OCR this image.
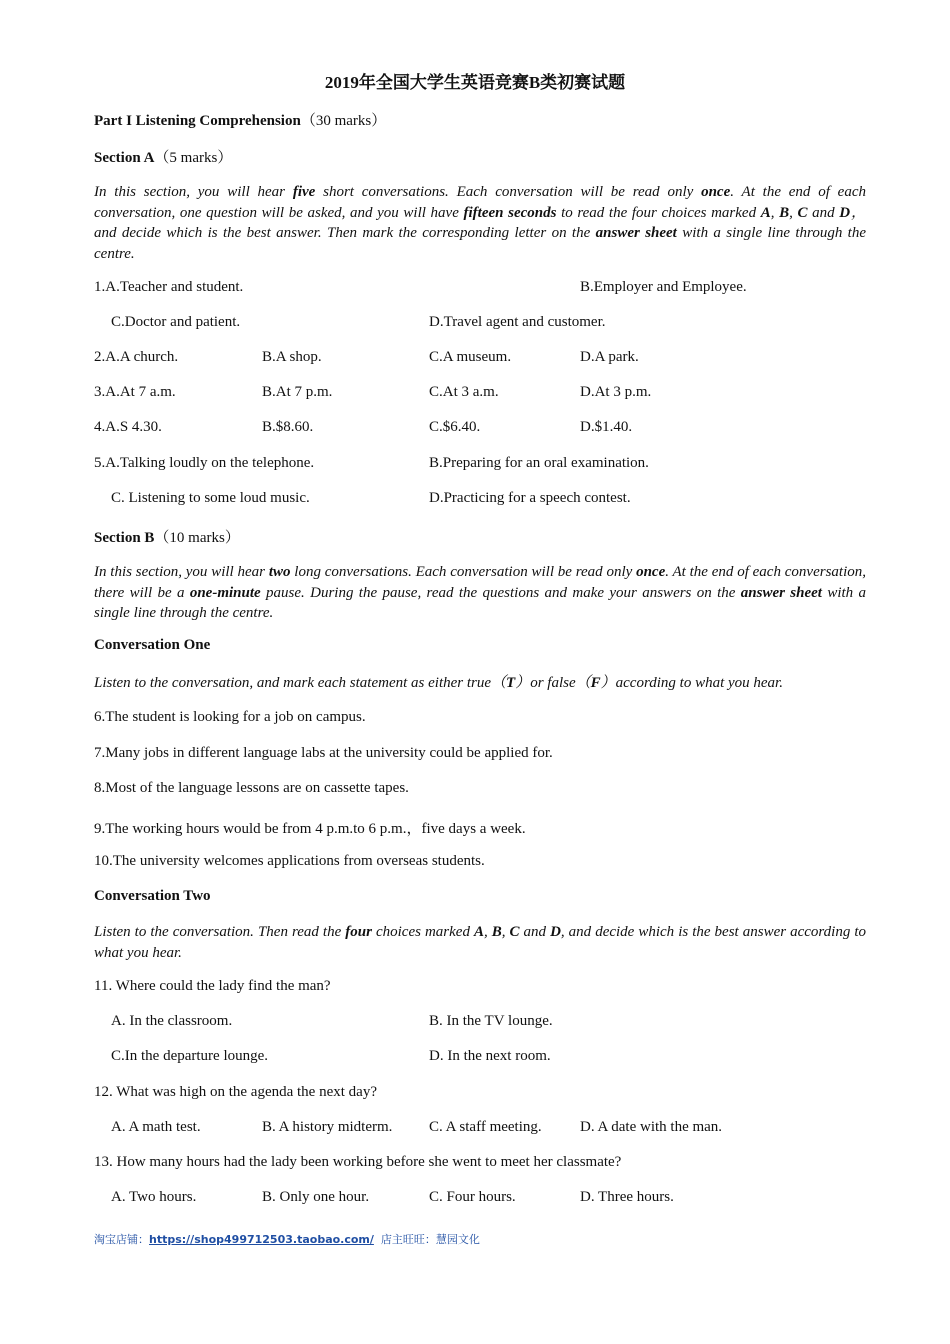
2019年全国大学生英语竞赛B类初赛试题
Part I Listening Comprehension（30 marks）
Section A（5 marks）
In this section, you will hear five short conversations. Each conversation will be read only once. At the end of each conversation, one question will be asked, and you will have fifteen seconds to read the four choices marked A, B, C and D， and decide which is the best answer. Then mark the corresponding letter on the answer sheet with a single line through the centre.
1.A.Teacher and student.	B.Employer and Employee.
C.Doctor and patient.	D.Travel agent and customer.
2.A.A church.	B.A shop.	C.A museum.	D.A park.
3.A.At 7 a.m.	B.At 7 p.m.	C.At 3 a.m.	D.At 3 p.m.
4.A.S 4.30.	B.$8.60.	C.$6.40.	D.$1.40.
5.A.Talking loudly on the telephone.	B.Preparing for an oral examination.
C. Listening to some loud music.	D.Practicing for a speech contest.
Section B（10 marks）
In this section, you will hear two long conversations. Each conversation will be read only once. At the end of each conversation, there will be a one-minute pause. During the pause, read the questions and make your answers on the answer sheet with a single line through the centre.
Conversation One
Listen to the conversation, and mark each statement as either true（T）or false（F）according to what you hear.
6.The student is looking for a job on campus.
7.Many jobs in different language labs at the university could be applied for.
8.Most of the language lessons are on cassette tapes.
9.The working hours would be from 4 p.m.to 6 p.m.，five days a week.
10.The university welcomes applications from overseas students.
Conversation Two
Listen to the conversation. Then read the four choices marked A, B, C and D, and decide which is the best answer according to what you hear.
11. Where could the lady find the man?
A. In the classroom.	B. In the TV lounge.
C.In the departure lounge.	D. In the next room.
12. What was high on the agenda the next day?
A. A math test.	B. A history midterm. C. A staff meeting.	D. A date with the man.
13. How many hours had the lady been working before she went to meet her classmate?
A. Two hours.	B. Only one hour.	C. Four hours.	D. Three hours.
淘宝店铺：https://shop499712503.taobao.com/ 店主旺旺：慧园文化
